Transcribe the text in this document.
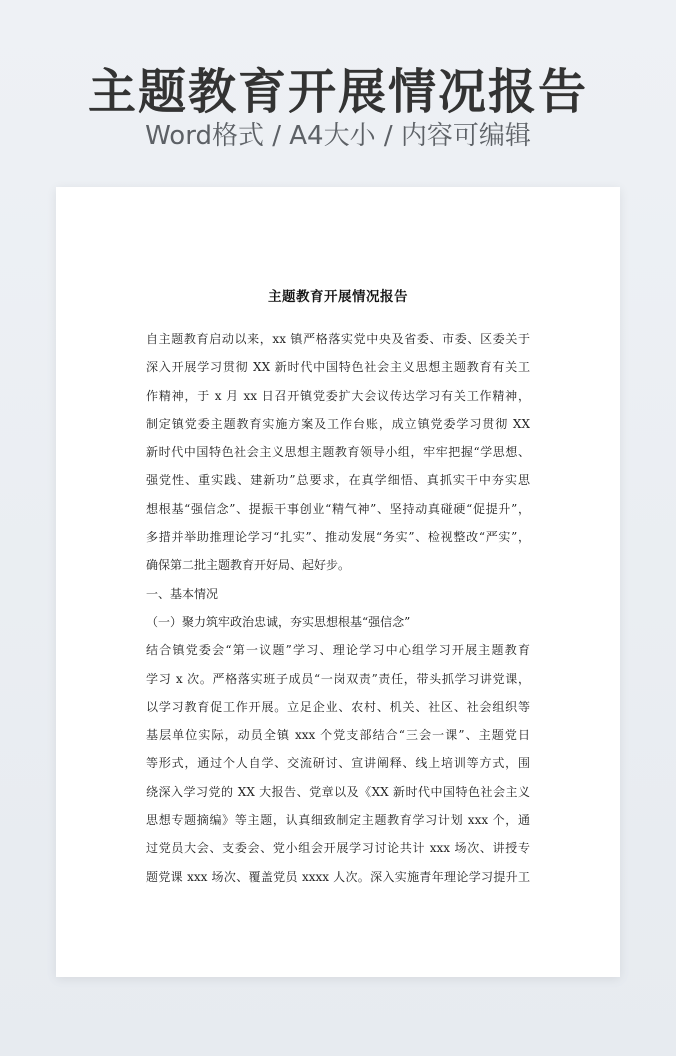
主题教育开展情况报告
Word格式 / A4大小 / 内容可编辑
主题教育开展情况报告
自主题教育启动以来，xx 镇严格落实党中央及省委、市委、区委关于
深入开展学习贯彻 XX 新时代中国特色社会主义思想主题教育有关工
作精神，于 x 月 xx 日召开镇党委扩大会议传达学习有关工作精神，
制定镇党委主题教育实施方案及工作台账，成立镇党委学习贯彻 XX
新时代中国特色社会主义思想主题教育领导小组，牢牢把握“学思想、
强党性、重实践、建新功”总要求，在真学细悟、真抓实干中夯实思
想根基“强信念”、提振干事创业“精气神”、坚持动真碰硬“促提升”，
多措并举助推理论学习“扎实”、推动发展“务实”、检视整改“严实”，
确保第二批主题教育开好局、起好步。
一、基本情况
（一）聚力筑牢政治忠诚，夯实思想根基“强信念”
结合镇党委会“第一议题”学习、理论学习中心组学习开展主题教育
学习 x 次。严格落实班子成员“一岗双责”责任，带头抓学习讲党课，
以学习教育促工作开展。立足企业、农村、机关、社区、社会组织等
基层单位实际，动员全镇 xxx 个党支部结合“三会一课”、主题党日
等形式，通过个人自学、交流研讨、宣讲阐释、线上培训等方式，围
绕深入学习党的 XX 大报告、党章以及《XX 新时代中国特色社会主义
思想专题摘编》等主题，认真细致制定主题教育学习计划 xxx 个，通
过党员大会、支委会、党小组会开展学习讨论共计 xxx 场次、讲授专
题党课 xxx 场次、覆盖党员 xxxx 人次。深入实施青年理论学习提升工
